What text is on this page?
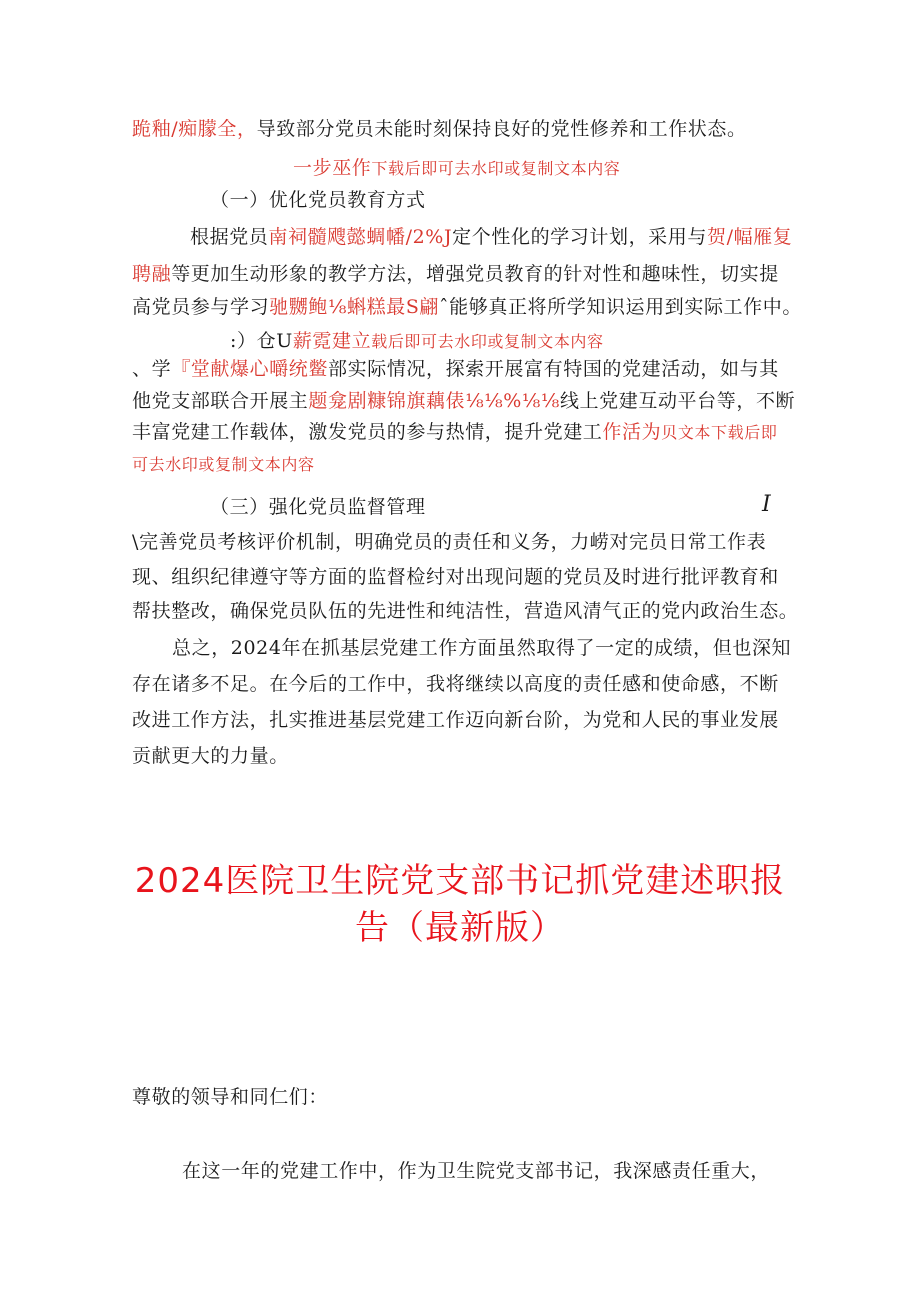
跪釉/痴朦全，导致部分党员未能时刻保持良好的党性修养和工作状态。
一步巫作下载后即可去水印或复制文本内容
（一）优化党员教育方式
根据党员南祠髓飕懿蜩幡/2%J定个性化的学习计划，采用与贺/幅雁复
聘融等更加生动形象的教学方法，增强党员教育的针对性和趣味性，切实提
高党员参与学习驰嬲鲍⅛蝌糕最S翩ˆ能够真正将所学知识运用到实际工作中。
:）仓U薪霓建立载后即可去水印或复制文本内容
、学『堂献爆心嚼统鳖部实际情况，探索开展富有特国的党建活动，如与其
他党支部联合开展主题龛剧糠锦旗藕俵⅛⅛%⅛⅛线上党建互动平台等，不断
丰富党建工作载体，激发党员的参与热情，提升党建工作活为贝文本下载后即
可去水印或复制文本内容
（三）强化党员监督管理	I
\完善党员考核评价机制，明确党员的责任和义务，力崂对完员日常工作表
现、组织纪律遵守等方面的监督检纣对出现问题的党员及时进行批评教育和
帮扶整改，确保党员队伍的先进性和纯洁性，营造风清气正的党内政治生态。
总之，2024年在抓基层党建工作方面虽然取得了一定的成绩，但也深知
存在诸多不足。在今后的工作中，我将继续以高度的责任感和使命感，不断
改进工作方法，扎实推进基层党建工作迈向新台阶，为党和人民的事业发展
贡献更大的力量。
2024医院卫生院党支部书记抓党建述职报
告（最新版）
尊敬的领导和同仁们：
在这一年的党建工作中，作为卫生院党支部书记，我深感责任重大，
